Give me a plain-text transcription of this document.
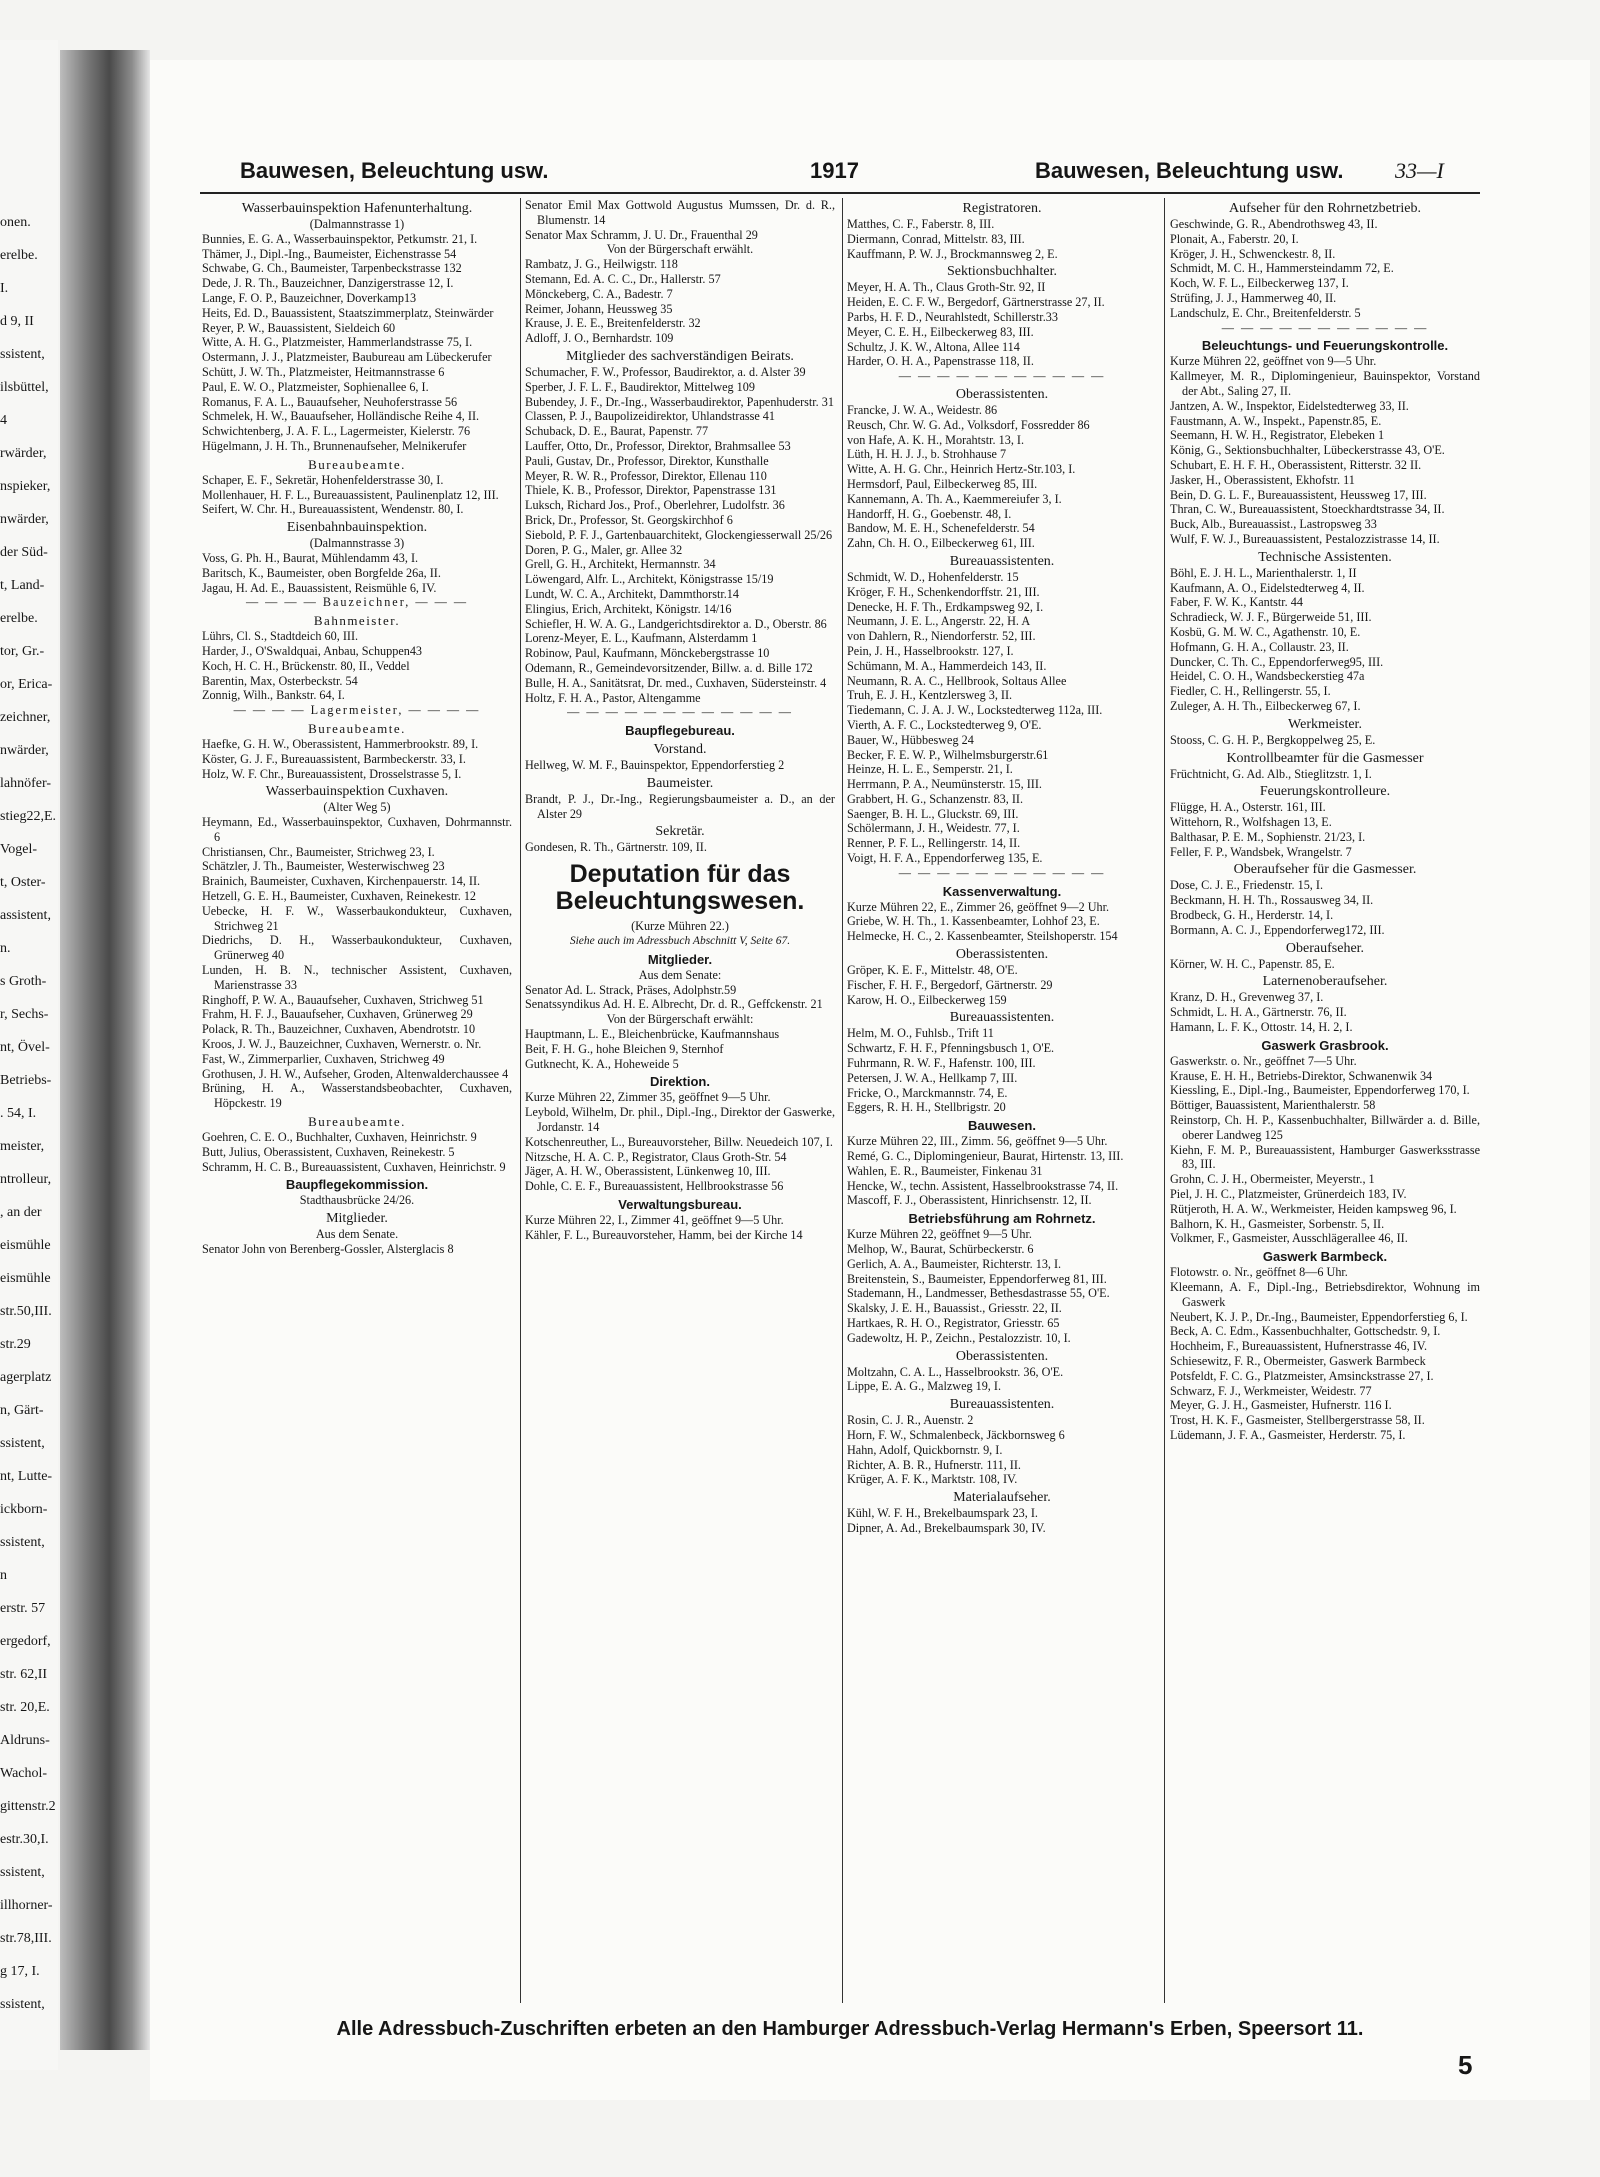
onen.
erelbe.
I.
d 9, II
ssistent,
ilsbüttel,
4
rwärder,
nspieker,
nwärder,
der Süd-
t, Land-
erelbe.
tor, Gr.-
or, Erica-
zeichner,
nwärder,
lahnöfer-
stieg22,E.
Vogel-
t, Oster-
assistent,
n.
s Groth-
r, Sechs-
nt, Övel-
Betriebs-
. 54, I.
meister,
ntrolleur,
, an der
eismühle
eismühle
str.50,III.
str.29
agerplatz
n, Gärt-
ssistent,
nt, Lutte-
ickborn-
ssistent,
n
erstr. 57
ergedorf,
str. 62,II
str. 20,E.
Aldruns-
Wachol-
gittenstr.2
estr.30,I.
ssistent,
illhorner-
str.78,III.
g 17, I.
ssistent,
Bauwesen, Beleuchtung usw.	1917	Bauwesen, Beleuchtung usw. 33—I
Wasserbauinspektion Hafenunterhaltung.
(Dalmannstrasse 1)
Bunnies, E. G. A., Wasserbauinspektor, Petkumstr. 21, I.
Thämer, J., Dipl.-Ing., Baumeister, Eichenstrasse 54
Schwabe, G. Ch., Baumeister, Tarpenbeckstrasse 132
Dede, J. R. Th., Bauzeichner, Danzigerstrasse 12, I.
Lange, F. O. P., Bauzeichner, Doverkamp13
Heits, Ed. D., Bauassistent, Staatszimmerplatz, Steinwärder
Reyer, P. W., Bauassistent, Sieldeich 60
Witte, A. H. G., Platzmeister, Hammerlandstrasse 75, I.
Ostermann, J. J., Platzmeister, Baubureau am Lübeckerufer
Schütt, J. W. Th., Platzmeister, Heitmannstrasse 6
Paul, E. W. O., Platzmeister, Sophienallee 6, I.
Romanus, F. A. L., Bauaufseher, Neuhoferstrasse 56
Schmelek, H. W., Bauaufseher, Holländische Reihe 4, II.
Schwichtenberg, J. A. F. L., Lagermeister, Kielerstr. 76
Hügelmann, J. H. Th., Brunnenaufseher, Melnikerufer
Bureaubeamte.
Schaper, E. F., Sekretär, Hohenfelderstrasse 30, I.
Mollenhauer, H. F. L., Bureauassistent, Paulinenplatz 12, III.
Seifert, W. Chr. H., Bureauassistent, Wendenstr. 80, I.
Eisenbahnbauinspektion.
(Dalmannstrasse 3)
Voss, G. Ph. H., Baurat, Mühlendamm 43, I.
Baritsch, K., Baumeister, oben Borgfelde 26a, II.
Jagau, H. Ad. E., Bauassistent, Reismühle 6, IV.
— — — — Bauzeichner, — — —
Bahnmeister.
Lührs, Cl. S., Stadtdeich 60, III.
Harder, J., O'Swaldquai, Anbau, Schuppen43
Koch, H. C. H., Brückenstr. 80, II., Veddel
Barentin, Max, Osterbeckstr. 54
Zonnig, Wilh., Bankstr. 64, I.
— — — — Lagermeister, — — — —
Bureaubeamte.
Haefke, G. H. W., Oberassistent, Hammerbrookstr. 89, I.
Köster, G. J. F., Bureauassistent, Barmbeckerstr. 33, I.
Holz, W. F. Chr., Bureauassistent, Drosselstrasse 5, I.
Wasserbauinspektion Cuxhaven.
(Alter Weg 5)
Heymann, Ed., Wasserbauinspektor, Cuxhaven, Dohrmannstr. 6
Christiansen, Chr., Baumeister, Strichweg 23, I.
Schätzler, J. Th., Baumeister, Westerwischweg 23
Brainich, Baumeister, Cuxhaven, Kirchenpauerstr. 14, II.
Hetzell, G. E. H., Baumeister, Cuxhaven, Reinekestr. 12
Uebecke, H. F. W., Wasserbaukondukteur, Cuxhaven, Strichweg 21
Diedrichs, D. H., Wasserbaukondukteur, Cuxhaven, Grünerweg 40
Lunden, H. B. N., technischer Assistent, Cuxhaven, Marienstrasse 33
Ringhoff, P. W. A., Bauaufseher, Cuxhaven, Strichweg 51
Frahm, H. F. J., Bauaufseher, Cuxhaven, Grünerweg 29
Polack, R. Th., Bauzeichner, Cuxhaven, Abendrotstr. 10
Kroos, J. W. J., Bauzeichner, Cuxhaven, Wernerstr. o. Nr.
Fast, W., Zimmerparlier, Cuxhaven, Strichweg 49
Grothusen, J. H. W., Aufseher, Groden, Altenwalderchaussee 4
Brüning, H. A., Wasserstandsbeobachter, Cuxhaven, Höpckestr. 19
Bureaubeamte.
Goehren, C. E. O., Buchhalter, Cuxhaven, Heinrichstr. 9
Butt, Julius, Oberassistent, Cuxhaven, Reinekestr. 5
Schramm, H. C. B., Bureauassistent, Cuxhaven, Heinrichstr. 9
Baupflegekommission.
Stadthausbrücke 24/26.
Mitglieder.
Aus dem Senate.
Senator John von Berenberg-Gossler, Alsterglacis 8
Senator Emil Max Gottwold Augustus Mumssen, Dr. d. R., Blumenstr. 14
Senator Max Schramm, J. U. Dr., Frauenthal 29
Von der Bürgerschaft erwählt.
Rambatz, J. G., Heilwigstr. 118
Stemann, Ed. A. C. C., Dr., Hallerstr. 57
Mönckeberg, C. A., Badestr. 7
Reimer, Johann, Heussweg 35
Krause, J. E. E., Breitenfelderstr. 32
Adloff, J. O., Bernhardstr. 109
Mitglieder des sachverständigen Beirats.
Schumacher, F. W., Professor, Baudirektor, a. d. Alster 39
Sperber, J. F. L. F., Baudirektor, Mittelweg 109
Bubendey, J. F., Dr.-Ing., Wasserbaudirektor, Papenhuderstr. 31
Classen, P. J., Baupolizeidirektor, Uhlandstrasse 41
Schuback, D. E., Baurat, Papenstr. 77
Lauffer, Otto, Dr., Professor, Direktor, Brahmsallee 53
Pauli, Gustav, Dr., Professor, Direktor, Kunsthalle
Meyer, R. W. R., Professor, Direktor, Ellenau 110
Thiele, K. B., Professor, Direktor, Papenstrasse 131
Luksch, Richard Jos., Prof., Oberlehrer, Ludolfstr. 36
Brick, Dr., Professor, St. Georgskirchhof 6
Siebold, P. F. J., Gartenbauarchitekt, Glockengiesserwall 25/26
Doren, P. G., Maler, gr. Allee 32
Grell, G. H., Architekt, Hermannstr. 34
Löwengard, Alfr. L., Architekt, Königstrasse 15/19
Lundt, W. C. A., Architekt, Dammthorstr.14
Elingius, Erich, Architekt, Königstr. 14/16
Schiefler, H. W. A. G., Landgerichtsdirektor a. D., Oberstr. 86
Lorenz-Meyer, E. L., Kaufmann, Alsterdamm 1
Robinow, Paul, Kaufmann, Mönckebergstrasse 10
Odemann, R., Gemeindevorsitzender, Billw. a. d. Bille 172
Bulle, H. A., Sanitätsrat, Dr. med., Cuxhaven, Südersteinstr. 4
Holtz, F. H. A., Pastor, Altengamme
— — — — — — — — — — — —
Baupflegebureau.
Vorstand.
Hellweg, W. M. F., Bauinspektor, Eppendorferstieg 2
Baumeister.
Brandt, P. J., Dr.-Ing., Regierungsbaumeister a. D., an der Alster 29
Sekretär.
Gondesen, R. Th., Gärtnerstr. 109, II.
Deputation für das Beleuchtungswesen.
(Kurze Mühren 22.)
Siehe auch im Adressbuch Abschnitt V, Seite 67.
Mitglieder.
Aus dem Senate:
Senator Ad. L. Strack, Präses, Adolphstr.59
Senatssyndikus Ad. H. E. Albrecht, Dr. d. R., Geffckenstr. 21
Von der Bürgerschaft erwählt:
Hauptmann, L. E., Bleichenbrücke, Kaufmannshaus
Beit, F. H. G., hohe Bleichen 9, Sternhof
Gutknecht, K. A., Hoheweide 5
Direktion.
Kurze Mühren 22, Zimmer 35, geöffnet 9—5 Uhr.
Leybold, Wilhelm, Dr. phil., Dipl.-Ing., Direktor der Gaswerke, Jordanstr. 14
Kotschenreuther, L., Bureauvorsteher, Billw. Neuedeich 107, I.
Nitzsche, H. A. C. P., Registrator, Claus Groth-Str. 54
Jäger, A. H. W., Oberassistent, Lünkenweg 10, III.
Dohle, C. E. F., Bureauassistent, Hellbrookstrasse 56
Verwaltungsbureau.
Kurze Mühren 22, I., Zimmer 41, geöffnet 9—5 Uhr.
Kähler, F. L., Bureauvorsteher, Hamm, bei der Kirche 14
Registratoren.
Matthes, C. F., Faberstr. 8, III.
Diermann, Conrad, Mittelstr. 83, III.
Kauffmann, P. W. J., Brockmannsweg 2, E.
Sektionsbuchhalter.
Meyer, H. A. Th., Claus Groth-Str. 92, II
Heiden, E. C. F. W., Bergedorf, Gärtnerstrasse 27, II.
Parbs, H. F. D., Neurahlstedt, Schillerstr.33
Meyer, C. E. H., Eilbeckerweg 83, III.
Schultz, J. K. W., Altona, Allee 114
Harder, O. H. A., Papenstrasse 118, II.
— — — — — — — — — — —
Oberassistenten.
Francke, J. W. A., Weidestr. 86
Reusch, Chr. W. G. Ad., Volksdorf, Fossredder 86
von Hafe, A. K. H., Morahtstr. 13, I.
Lüth, H. H. J. J., b. Strohhause 7
Witte, A. H. G. Chr., Heinrich Hertz-Str.103, I.
Hermsdorf, Paul, Eilbeckerweg 85, III.
Kannemann, A. Th. A., Kaemmereiufer 3, I.
Handorff, H. G., Goebenstr. 48, I.
Bandow, M. E. H., Schenefelderstr. 54
Zahn, Ch. H. O., Eilbeckerweg 61, III.
Bureauassistenten.
Schmidt, W. D., Hohenfelderstr. 15
Kröger, F. H., Schenkendorffstr. 21, III.
Denecke, H. F. Th., Erdkampsweg 92, I.
Neumann, J. E. L., Angerstr. 22, H. A
von Dahlern, R., Niendorferstr. 52, III.
Pein, J. H., Hasselbrookstr. 127, I.
Schümann, M. A., Hammerdeich 143, II.
Neumann, R. A. C., Hellbrook, Soltaus Allee
Truh, E. J. H., Kentzlersweg 3, II.
Tiedemann, C. J. A. J. W., Lockstedterweg 112a, III.
Vierth, A. F. C., Lockstedterweg 9, O'E.
Bauer, W., Hübbesweg 24
Becker, F. E. W. P., Wilhelmsburgerstr.61
Heinze, H. L. E., Semperstr. 21, I.
Herrmann, P. A., Neumünsterstr. 15, III.
Grabbert, H. G., Schanzenstr. 83, II.
Saenger, B. H. L., Gluckstr. 69, III.
Schölermann, J. H., Weidestr. 77, I.
Renner, P. F. L., Rellingerstr. 14, II.
Voigt, H. F. A., Eppendorferweg 135, E.
— — — — — — — — — — —
Kassenverwaltung.
Kurze Mühren 22, E., Zimmer 26, geöffnet 9—2 Uhr.
Griebe, W. H. Th., 1. Kassenbeamter, Lohhof 23, E.
Helmecke, H. C., 2. Kassenbeamter, Steilshoperstr. 154
Oberassistenten.
Gröper, K. E. F., Mittelstr. 48, O'E.
Fischer, F. H. F., Bergedorf, Gärtnerstr. 29
Karow, H. O., Eilbeckerweg 159
Bureauassistenten.
Helm, M. O., Fuhlsb., Trift 11
Schwartz, F. H. F., Pfenningsbusch 1, O'E.
Fuhrmann, R. W. F., Hafenstr. 100, III.
Petersen, J. W. A., Hellkamp 7, III.
Fricke, O., Marckmannstr. 74, E.
Eggers, R. H. H., Stellbrigstr. 20
Bauwesen.
Kurze Mühren 22, III., Zimm. 56, geöffnet 9—5 Uhr.
Remé, G. C., Diplomingenieur, Baurat, Hirtenstr. 13, III.
Wahlen, E. R., Baumeister, Finkenau 31
Hencke, W., techn. Assistent, Hasselbrookstrasse 74, II.
Mascoff, F. J., Oberassistent, Hinrichsenstr. 12, II.
Betriebsführung am Rohrnetz.
Kurze Mühren 22, geöffnet 9—5 Uhr.
Melhop, W., Baurat, Schürbeckerstr. 6
Gerlich, A. A., Baumeister, Richterstr. 13, I.
Breitenstein, S., Baumeister, Eppendorferweg 81, III.
Stademann, H., Landmesser, Bethesdastrasse 55, O'E.
Skalsky, J. E. H., Bauassist., Griesstr. 22, II.
Hartkaes, R. H. O., Registrator, Griesstr. 65
Gadewoltz, H. P., Zeichn., Pestalozzistr. 10, I.
Oberassistenten.
Moltzahn, C. A. L., Hasselbrookstr. 36, O'E.
Lippe, E. A. G., Malzweg 19, I.
Bureauassistenten.
Rosin, C. J. R., Auenstr. 2
Horn, F. W., Schmalenbeck, Jäckbornsweg 6
Hahn, Adolf, Quickbornstr. 9, I.
Richter, A. B. R., Hufnerstr. 111, II.
Krüger, A. F. K., Marktstr. 108, IV.
Materialaufseher.
Kühl, W. F. H., Brekelbaumspark 23, I.
Dipner, A. Ad., Brekelbaumspark 30, IV.
Aufseher für den Rohrnetzbetrieb.
Geschwinde, G. R., Abendrothsweg 43, II.
Plonait, A., Faberstr. 20, I.
Kröger, J. H., Schwenckestr. 8, II.
Schmidt, M. C. H., Hammersteindamm 72, E.
Koch, W. F. L., Eilbeckerweg 137, I.
Strüfing, J. J., Hammerweg 40, II.
Landschulz, E. Chr., Breitenfelderstr. 5
— — — — — — — — — — —
Beleuchtungs- und Feuerungskontrolle.
Kurze Mühren 22, geöffnet von 9—5 Uhr.
Kallmeyer, M. R., Diplomingenieur, Bauinspektor, Vorstand der Abt., Saling 27, II.
Jantzen, A. W., Inspektor, Eidelstedterweg 33, II.
Faustmann, A. W., Inspekt., Papenstr.85, E.
Seemann, H. W. H., Registrator, Elebeken 1
König, G., Sektionsbuchhalter, Lübeckerstrasse 43, O'E.
Schubart, E. H. F. H., Oberassistent, Ritterstr. 32 II.
Jasker, H., Oberassistent, Ekhofstr. 11
Bein, D. G. L. F., Bureauassistent, Heussweg 17, III.
Thran, C. W., Bureauassistent, Stoeckhardtstrasse 34, II.
Buck, Alb., Bureauassist., Lastropsweg 33
Wulf, F. W. J., Bureauassistent, Pestalozzistrasse 14, II.
Technische Assistenten.
Böhl, E. J. H. L., Marienthalerstr. 1, II
Kaufmann, A. O., Eidelstedterweg 4, II.
Faber, F. W. K., Kantstr. 44
Schradieck, W. J. F., Bürgerweide 51, III.
Kosbü, G. M. W. C., Agathenstr. 10, E.
Hofmann, G. H. A., Collaustr. 23, II.
Duncker, C. Th. C., Eppendorferweg95, III.
Heidel, C. O. H., Wandsbeckerstieg 47a
Fiedler, C. H., Rellingerstr. 55, I.
Zuleger, A. H. Th., Eilbeckerweg 67, I.
Werkmeister.
Stooss, C. G. H. P., Bergkoppelweg 25, E.
Kontrollbeamter für die Gasmesser
Früchtnicht, G. Ad. Alb., Stieglitzstr. 1, I.
Feuerungskontrolleure.
Flügge, H. A., Osterstr. 161, III.
Wittehorn, R., Wolfshagen 13, E.
Balthasar, P. E. M., Sophienstr. 21/23, I.
Feller, F. P., Wandsbek, Wrangelstr. 7
Oberaufseher für die Gasmesser.
Dose, C. J. E., Friedenstr. 15, I.
Beckmann, H. H. Th., Rossausweg 34, II.
Brodbeck, G. H., Herderstr. 14, I.
Bormann, A. C. J., Eppendorferweg172, III.
Oberaufseher.
Körner, W. H. C., Papenstr. 85, E.
Laternenoberaufseher.
Kranz, D. H., Grevenweg 37, I.
Schmidt, L. H. A., Gärtnerstr. 76, II.
Hamann, L. F. K., Ottostr. 14, H. 2, I.
Gaswerk Grasbrook.
Gaswerkstr. o. Nr., geöffnet 7—5 Uhr.
Krause, E. H. H., Betriebs-Direktor, Schwanenwik 34
Kiessling, E., Dipl.-Ing., Baumeister, Eppendorferweg 170, I.
Böttiger, Bauassistent, Marienthalerstr. 58
Reinstorp, Ch. H. P., Kassenbuchhalter, Billwärder a. d. Bille, oberer Landweg 125
Kiehn, F. M. P., Bureauassistent, Hamburger Gaswerksstrasse 83, III.
Grohn, C. J. H., Obermeister, Meyerstr., 1
Piel, J. H. C., Platzmeister, Grünerdeich 183, IV.
Rütjeroth, H. A. W., Werkmeister, Heiden kampsweg 96, I.
Balhorn, K. H., Gasmeister, Sorbenstr. 5, II.
Volkmer, F., Gasmeister, Ausschlägerallee 46, II.
Gaswerk Barmbeck.
Flotowstr. o. Nr., geöffnet 8—6 Uhr.
Kleemann, A. F., Dipl.-Ing., Betriebsdirektor, Wohnung im Gaswerk
Neubert, K. J. P., Dr.-Ing., Baumeister, Eppendorferstieg 6, I.
Beck, A. C. Edm., Kassenbuchhalter, Gottschedstr. 9, I.
Hochheim, F., Bureauassistent, Hufnerstrasse 46, IV.
Schiesewitz, F. R., Obermeister, Gaswerk Barmbeck
Potsfeldt, F. C. G., Platzmeister, Amsinckstrasse 27, I.
Schwarz, F. J., Werkmeister, Weidestr. 77
Meyer, G. J. H., Gasmeister, Hufnerstr. 116 I.
Trost, H. K. F., Gasmeister, Stellbergerstrasse 58, II.
Lüdemann, J. F. A., Gasmeister, Herderstr. 75, I.
Alle Adressbuch-Zuschriften erbeten an den Hamburger Adressbuch-Verlag Hermann's Erben, Speersort 11.
5
